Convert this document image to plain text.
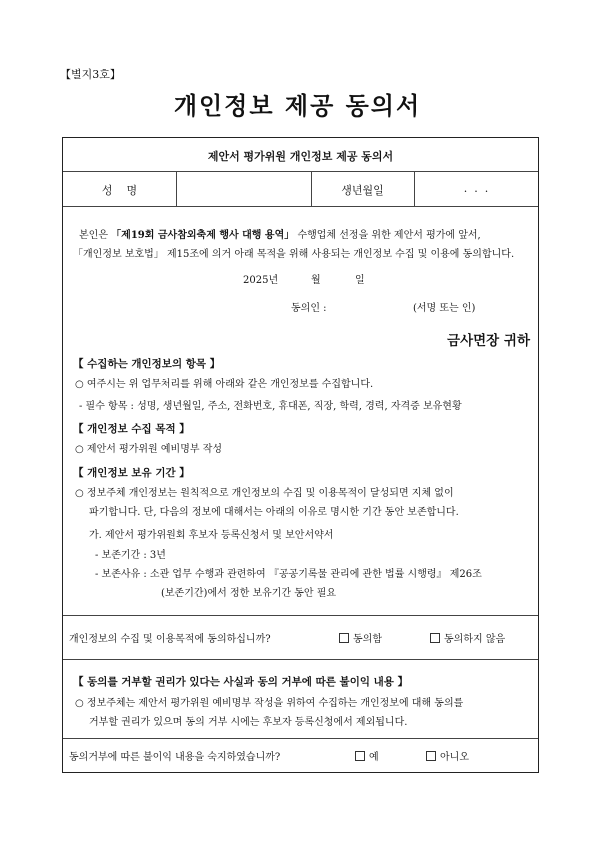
【별지3호】
개인정보 제공 동의서
제안서 평가위원 개인정보 제공 동의서
성    명	생년월일	.  .  .
본인은 「제19회 금사참외축제 행사 대행 용역」 수행업체 선정을 위한 제안서 평가에 앞서,
「개인정보 보호법」 제15조에 의거 아래 목적을 위해 사용되는 개인정보 수집 및 이용에 동의합니다.
2025년	월	일
동의인 :	(서명 또는 인)
금사면장 귀하
【 수집하는 개인정보의 항목 】
○ 여주시는 위 업무처리를 위해 아래와 같은 개인정보를 수집합니다.
- 필수 항목 : 성명, 생년월일, 주소, 전화번호, 휴대폰, 직장, 학력, 경력, 자격증 보유현황
【 개인정보 수집 목적 】
○ 제안서 평가위원 예비명부 작성
【 개인정보 보유 기간 】
○ 정보주체 개인정보는 원칙적으로 개인정보의 수집 및 이용목적이 달성되면 지체 없이
파기합니다. 단, 다음의 정보에 대해서는 아래의 이유로 명시한 기간 동안 보존합니다.
가. 제안서 평가위원회 후보자 등록신청서 및 보안서약서
- 보존기간 : 3년
- 보존사유 : 소관 업무 수행과 관련하여 『공공기록물 관리에 관한 법률 시행령』 제26조
(보존기간)에서 정한 보유기간 동안 필요
개인정보의 수집 및 이용목적에 동의하십니까?	동의함	동의하지 않음
【 동의를 거부할 권리가 있다는 사실과 동의 거부에 따른 불이익 내용 】
○ 정보주체는 제안서 평가위원 예비명부 작성을 위하여 수집하는 개인정보에 대해 동의를
거부할 권리가 있으며 동의 거부 시에는 후보자 등록신청에서 제외됩니다.
동의거부에 따른 불이익 내용을 숙지하였습니까?	예	아니오
